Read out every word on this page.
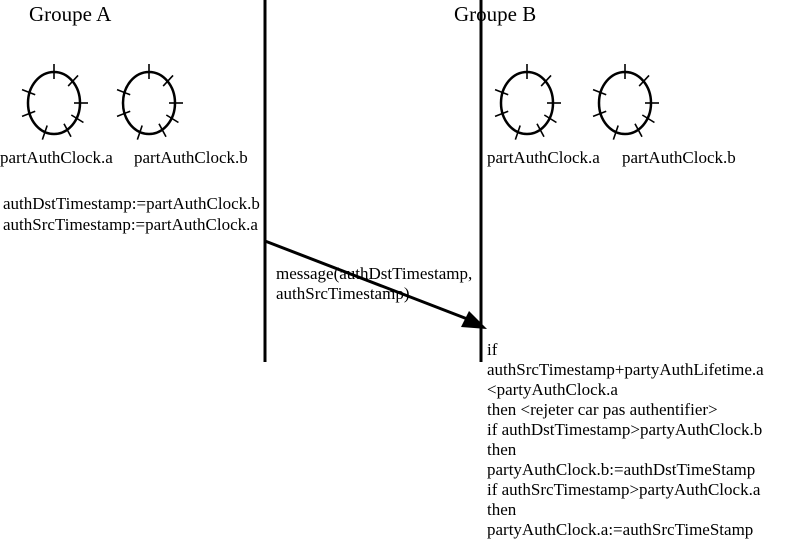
Groupe A	Groupe B
partAuthClock.a partAuthClock.b	partAuthClock.a partAuthClock.b
authDstTimestamp:=partAuthClock.b
authSrcTimestamp:=partAuthClock.a
message(authDstTimestamp,
authSrcTimestamp)
if
authSrcTimestamp+partyAuthLifetime.a
<partyAuthClock.a
then <rejeter car pas authentifier>
if authDstTimestamp>partyAuthClock.b
then
partyAuthClock.b:=authDstTimeStamp
if authSrcTimestamp>partyAuthClock.a
then
partyAuthClock.a:=authSrcTimeStamp
